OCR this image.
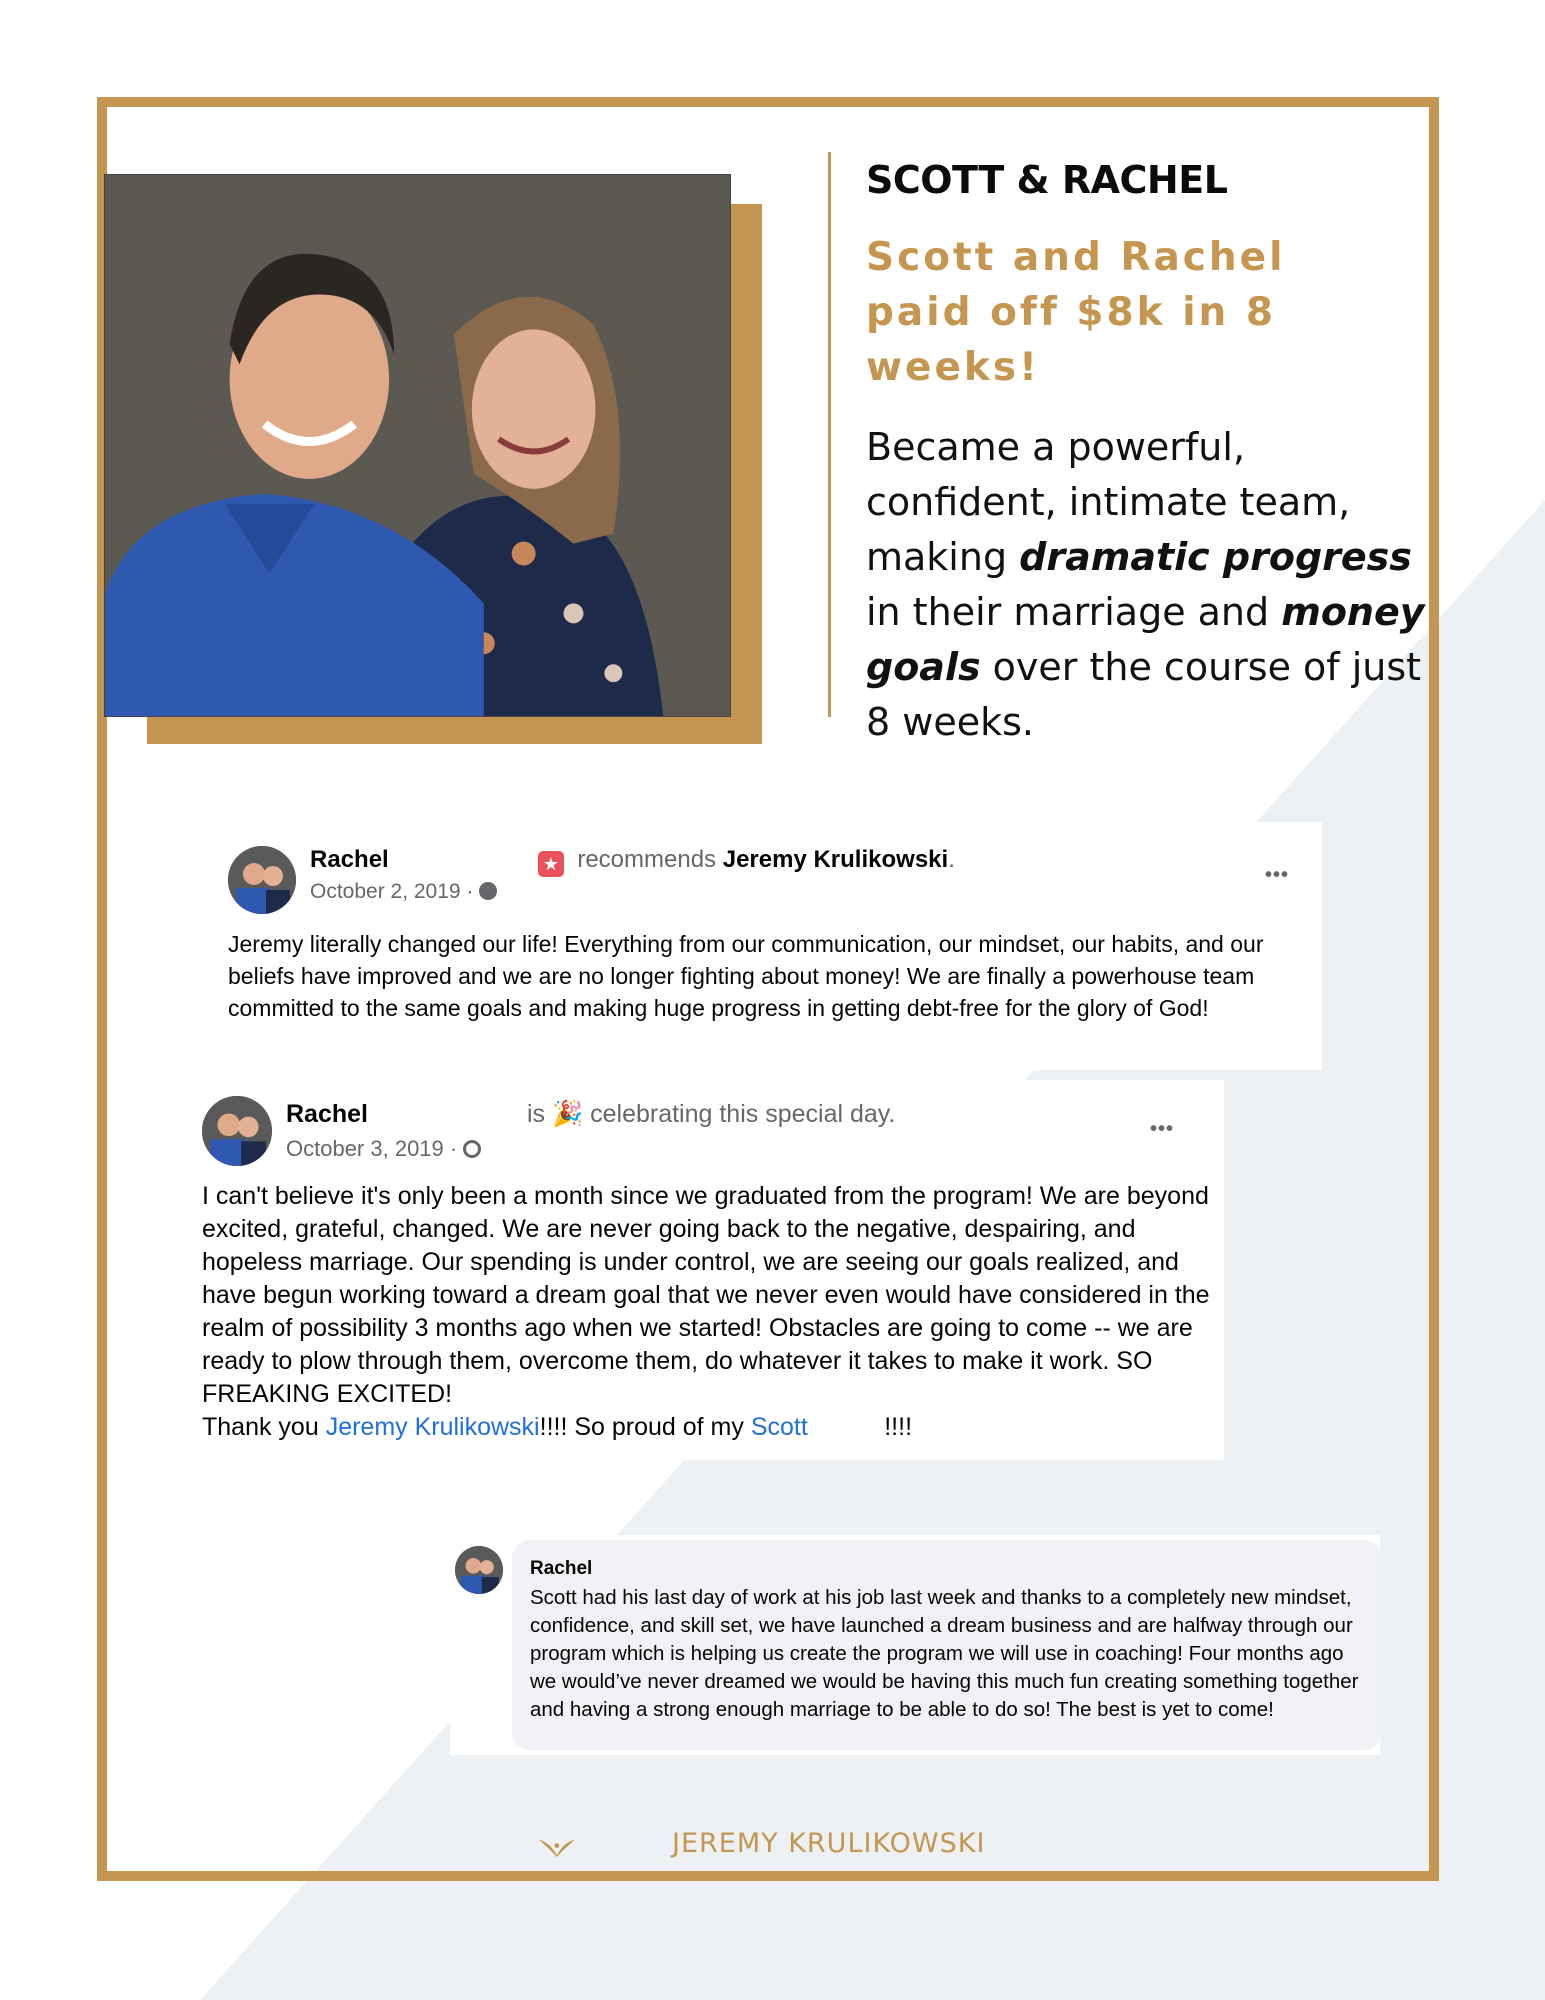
SCOTT & RACHEL
Scott and Rachel paid off $8k in 8 weeks!
Became a powerful, confident, intimate team, making dramatic progress in their marriage and money goals over the course of just 8 weeks.
Rachel	★ recommends Jeremy Krulikowski.
October 2, 2019 ·
•••
Jeremy literally changed our life! Everything from our communication, our mindset, our habits, and our beliefs have improved and we are no longer fighting about money! We are finally a powerhouse team committed to the same goals and making huge progress in getting debt-free for the glory of God!
Rachel	is 🎉 celebrating this special day.
October 3, 2019 ·
•••
I can't believe it's only been a month since we graduated from the program! We are beyond excited, grateful, changed. We are never going back to the negative, despairing, and hopeless marriage. Our spending is under control, we are seeing our goals realized, and have begun working toward a dream goal that we never even would have considered in the realm of possibility 3 months ago when we started! Obstacles are going to come -- we are ready to plow through them, overcome them, do whatever it takes to make it work. SO FREAKING EXCITED!
Thank you Jeremy Krulikowski!!!! So proud of my Scott	!!!!
Rachel
Scott had his last day of work at his job last week and thanks to a completely new mindset, confidence, and skill set, we have launched a dream business and are halfway through our program which is helping us create the program we will use in coaching! Four months ago we would’ve never dreamed we would be having this much fun creating something together and having a strong enough marriage to be able to do so! The best is yet to come!
JEREMY KRULIKOWSKI
